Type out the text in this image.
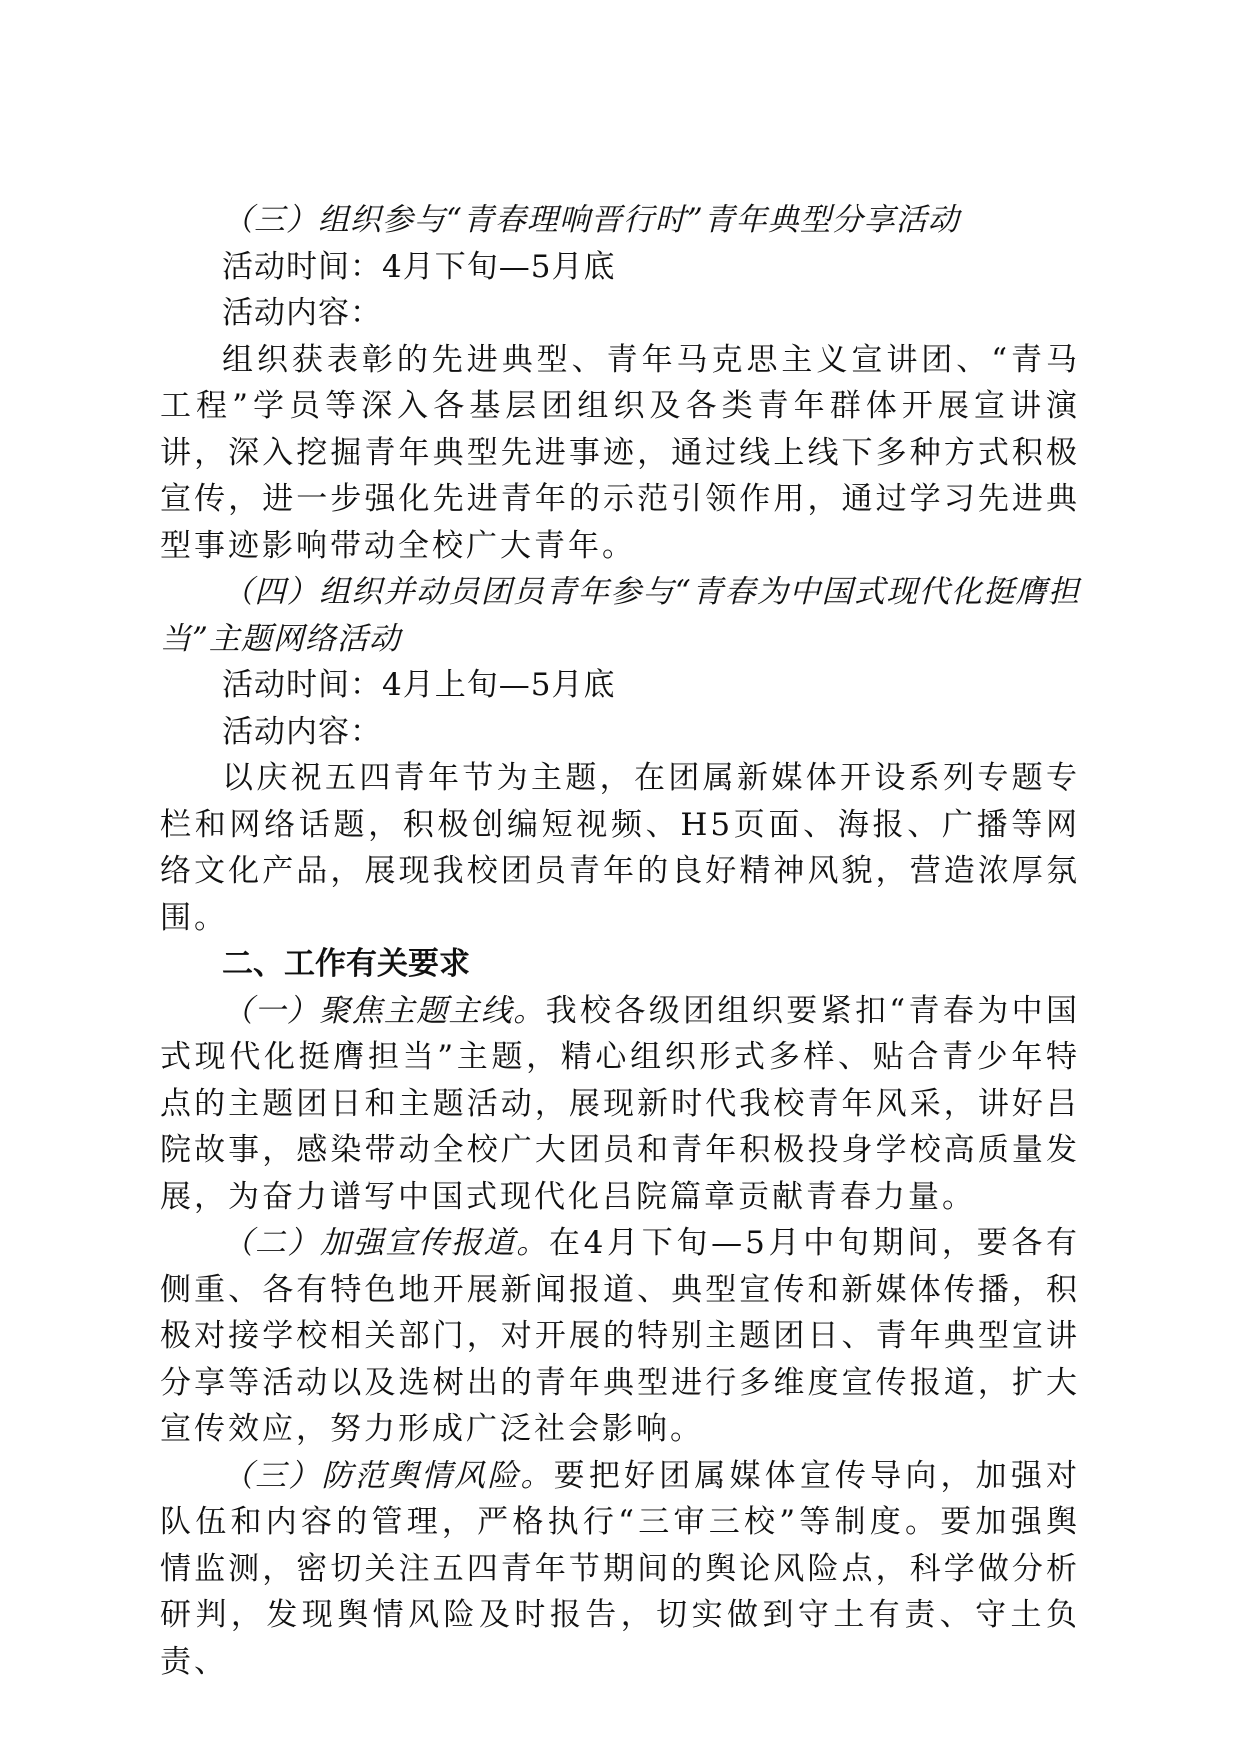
（三）组织参与“青春理响晋行时”青年典型分享活动

活动时间：4月下旬—5月底

活动内容：

组织获表彰的先进典型、青年马克思主义宣讲团、“青马工程”学员等深入各基层团组织及各类青年群体开展宣讲演讲，深入挖掘青年典型先进事迹，通过线上线下多种方式积极宣传，进一步强化先进青年的示范引领作用，通过学习先进典型事迹影响带动全校广大青年。

（四）组织并动员团员青年参与“青春为中国式现代化挺膺担当”主题网络活动

活动时间：4月上旬—5月底

活动内容：

以庆祝五四青年节为主题，在团属新媒体开设系列专题专栏和网络话题，积极创编短视频、H5页面、海报、广播等网络文化产品，展现我校团员青年的良好精神风貌，营造浓厚氛围。

二、工作有关要求

（一）聚焦主题主线。我校各级团组织要紧扣“青春为中国式现代化挺膺担当”主题，精心组织形式多样、贴合青少年特点的主题团日和主题活动，展现新时代我校青年风采，讲好吕院故事，感染带动全校广大团员和青年积极投身学校高质量发展，为奋力谱写中国式现代化吕院篇章贡献青春力量。

（二）加强宣传报道。在4月下旬—5月中旬期间，要各有侧重、各有特色地开展新闻报道、典型宣传和新媒体传播，积极对接学校相关部门，对开展的特别主题团日、青年典型宣讲分享等活动以及选树出的青年典型进行多维度宣传报道，扩大宣传效应，努力形成广泛社会影响。

（三）防范舆情风险。要把好团属媒体宣传导向，加强对队伍和内容的管理，严格执行“三审三校”等制度。要加强舆情监测，密切关注五四青年节期间的舆论风险点，科学做分析研判，发现舆情风险及时报告，切实做到守土有责、守土负责、
